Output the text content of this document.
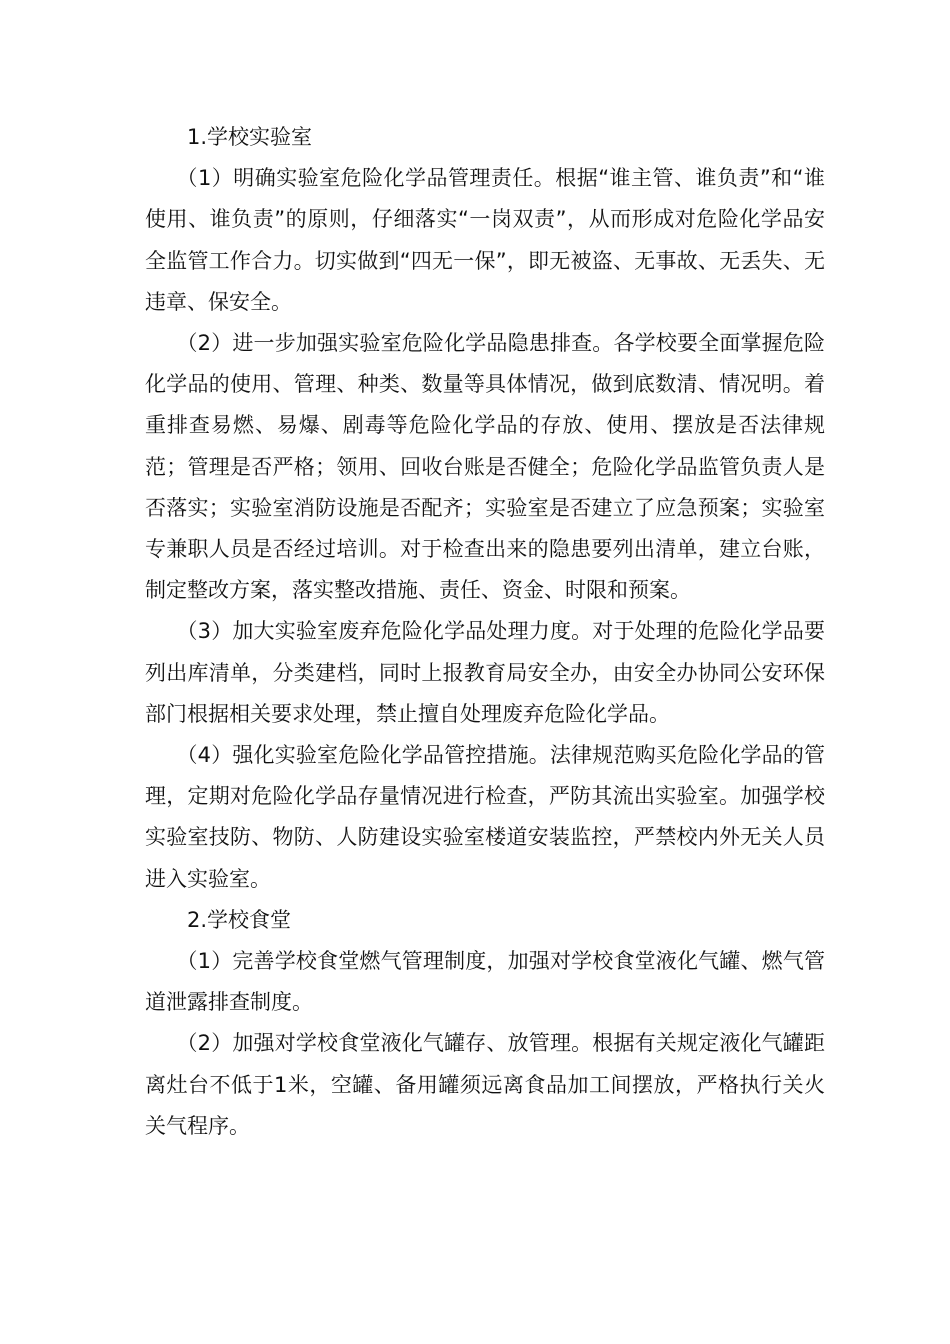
1.学校实验室

（1）明确实验室危险化学品管理责任。根据“谁主管、谁负责”和“谁使用、谁负责”的原则，仔细落实“一岗双责”，从而形成对危险化学品安全监管工作合力。切实做到“四无一保”，即无被盗、无事故、无丢失、无违章、保安全。

（2）进一步加强实验室危险化学品隐患排查。各学校要全面掌握危险化学品的使用、管理、种类、数量等具体情况，做到底数清、情况明。着重排查易燃、易爆、剧毒等危险化学品的存放、使用、摆放是否法律规范；管理是否严格；领用、回收台账是否健全；危险化学品监管负责人是否落实；实验室消防设施是否配齐；实验室是否建立了应急预案；实验室专兼职人员是否经过培训。对于检查出来的隐患要列出清单，建立台账，制定整改方案，落实整改措施、责任、资金、时限和预案。

（3）加大实验室废弃危险化学品处理力度。对于处理的危险化学品要列出库清单，分类建档，同时上报教育局安全办，由安全办协同公安环保部门根据相关要求处理，禁止擅自处理废弃危险化学品。

（4）强化实验室危险化学品管控措施。法律规范购买危险化学品的管理，定期对危险化学品存量情况进行检查，严防其流出实验室。加强学校实验室技防、物防、人防建设实验室楼道安装监控，严禁校内外无关人员进入实验室。

2.学校食堂

（1）完善学校食堂燃气管理制度，加强对学校食堂液化气罐、燃气管道泄露排查制度。

（2）加强对学校食堂液化气罐存、放管理。根据有关规定液化气罐距离灶台不低于1米，空罐、备用罐须远离食品加工间摆放，严格执行关火关气程序。
